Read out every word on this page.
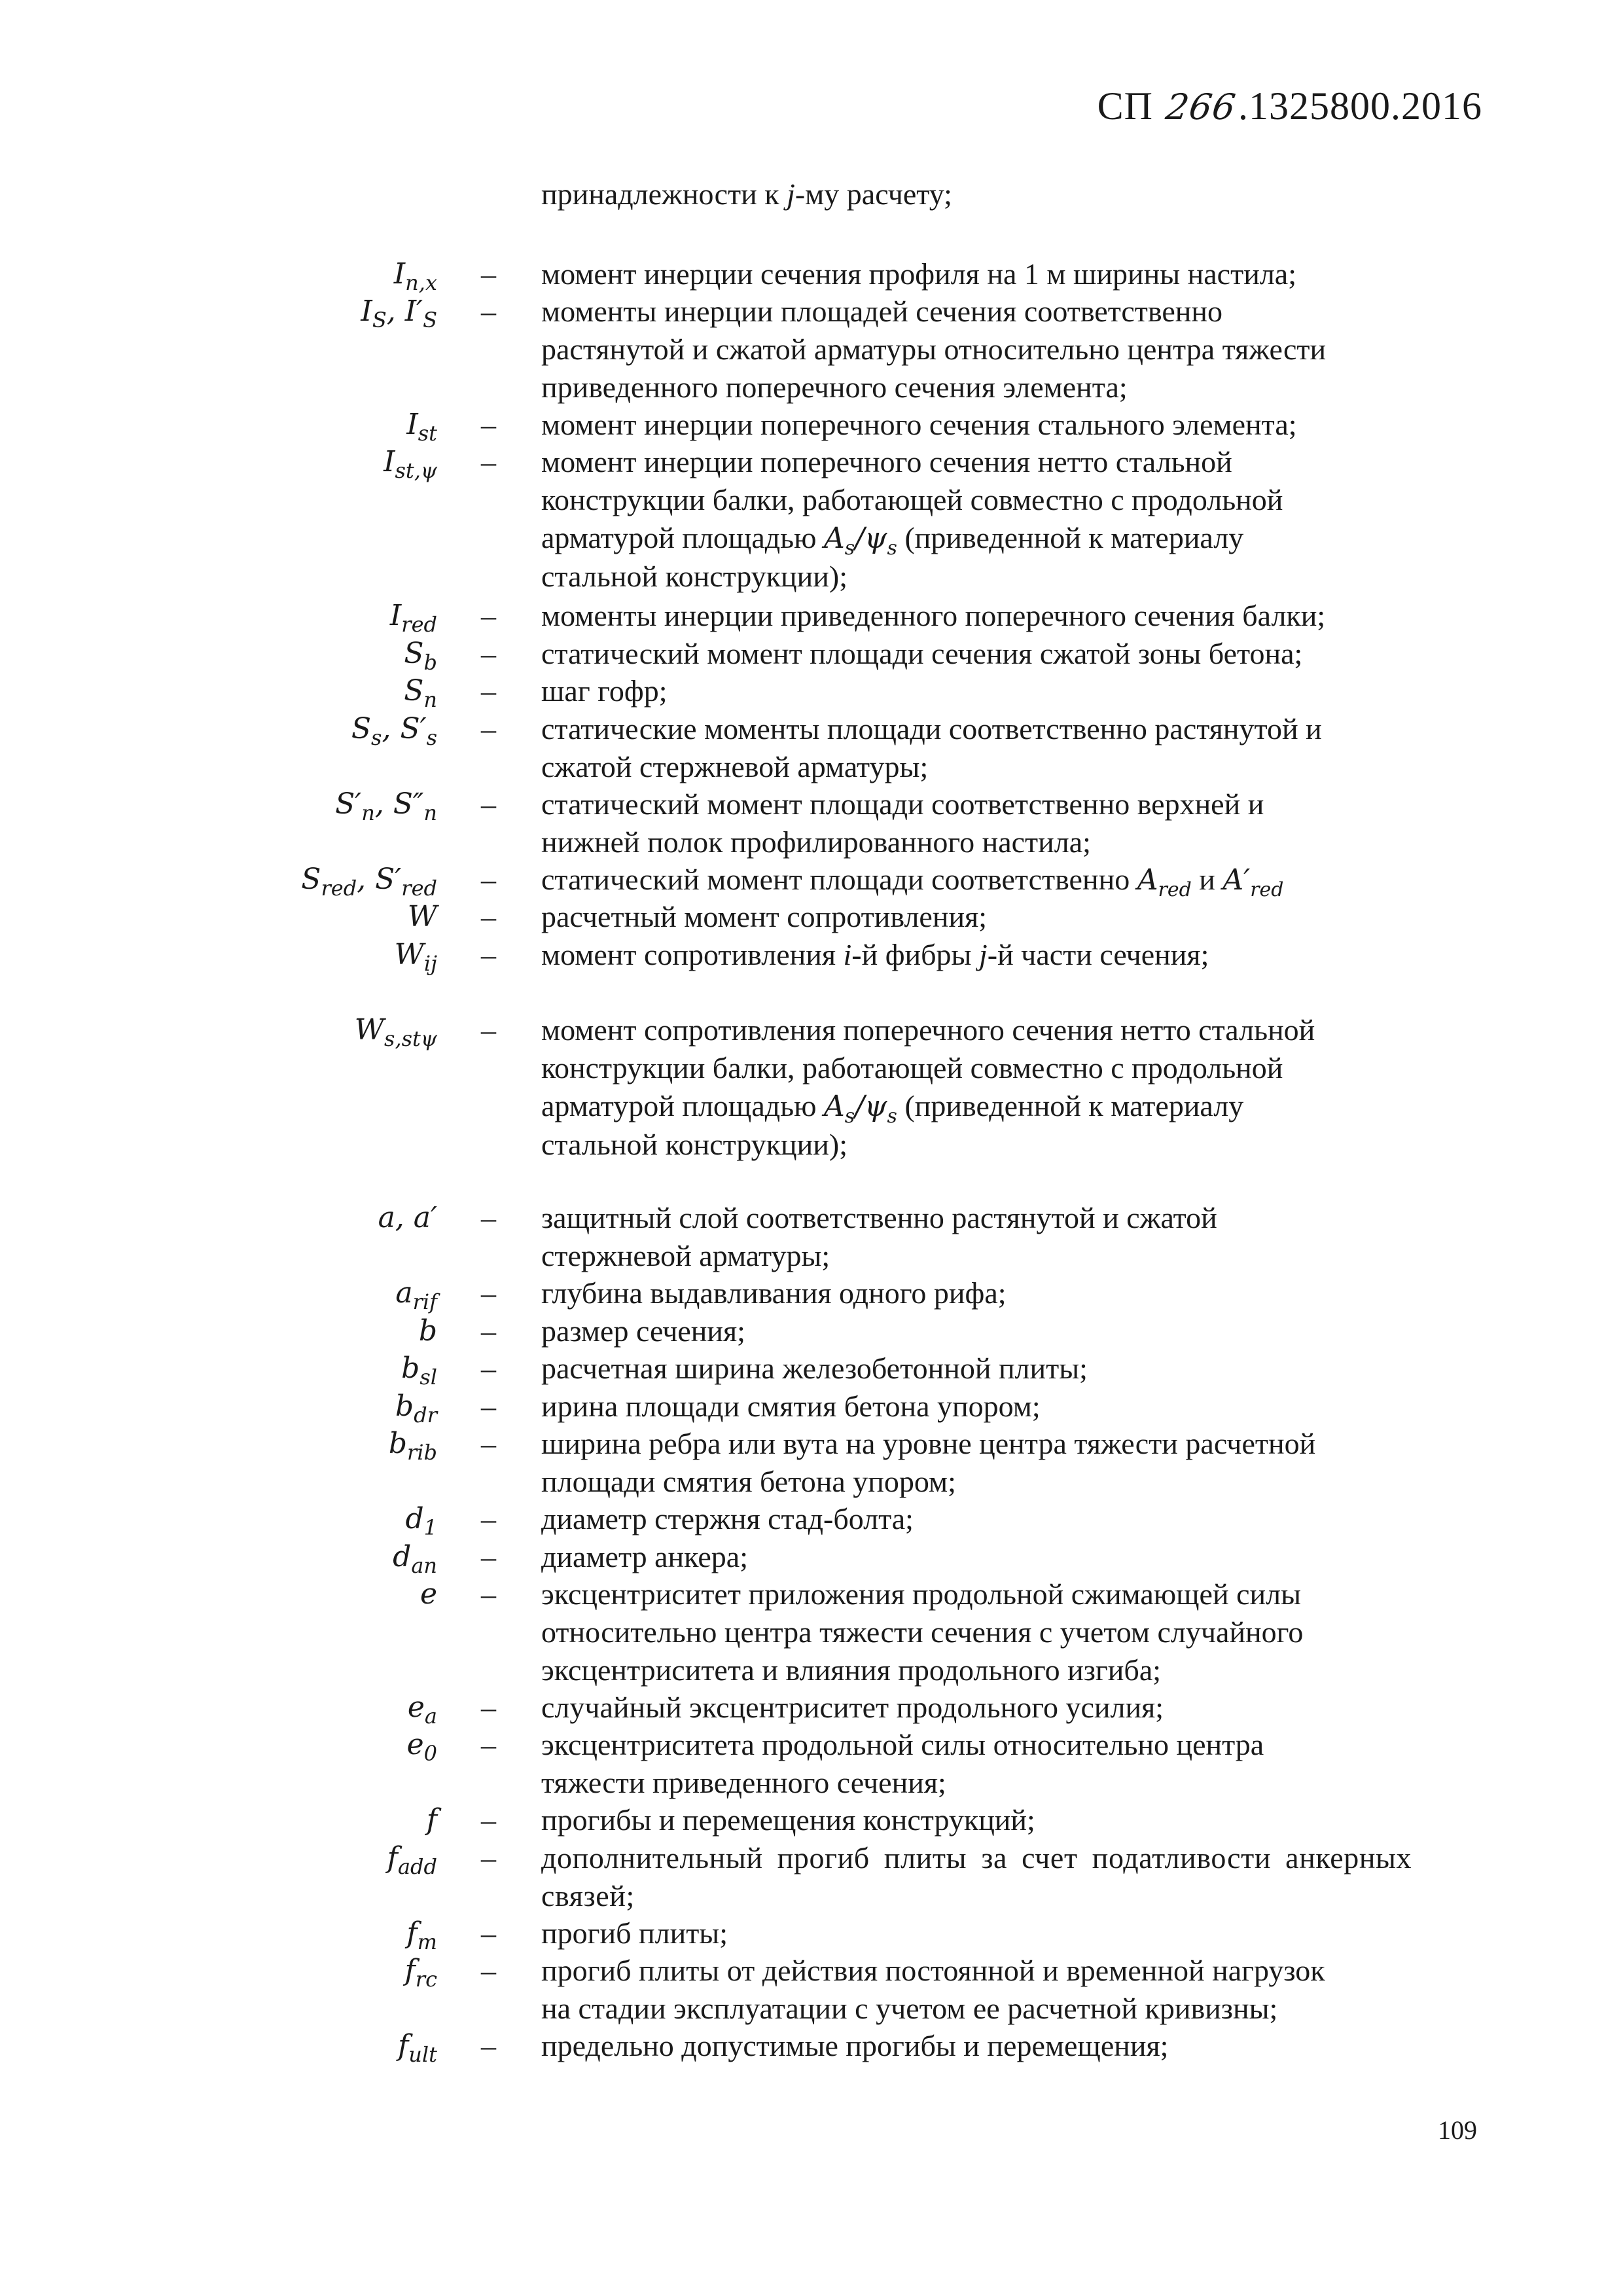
СП 266.1325800.2016
принадлежности к j-му расчету;
$I_{n,x}$ – момент инерции сечения профиля на 1 м ширины настила;
$I_S$, $I'_S$ – моменты инерции площадей сечения соответственно
растянутой и сжатой арматуры относительно центра тяжести
приведенного поперечного сечения элемента;
$I_{st}$ – момент инерции поперечного сечения стального элемента;
$I_{st,\psi}$ – момент инерции поперечного сечения нетто стальной
конструкции балки, работающей совместно с продольной
арматурой площадью $A_s/\psi_s$ (приведенной к материалу
стальной конструкции);
$I_{red}$ – моменты инерции приведенного поперечного сечения балки;
$S_b$ – статический момент площади сечения сжатой зоны бетона;
$S_n$ – шаг гофр;
$S_s$, $S'_s$ – статические моменты площади соответственно растянутой и
сжатой стержневой арматуры;
$S'_n$, $S''_n$ – статический момент площади соответственно верхней и
нижней полок профилированного настила;
$S_{red}$, $S'_{red}$ – статический момент площади соответственно $A_{red}$ и $A'_{red}$
W – расчетный момент сопротивления;
$W_{ij}$ – момент сопротивления i-й фибры j-й части сечения;
$W_{s,st\psi}$ – момент сопротивления поперечного сечения нетто стальной
конструкции балки, работающей совместно с продольной
арматурой площадью $A_s/\psi_s$ (приведенной к материалу
стальной конструкции);
a, a′ – защитный слой соответственно растянутой и сжатой
стержневой арматуры;
$a_{rif}$ – глубина выдавливания одного рифа;
b – размер сечения;
$b_{sl}$ – расчетная ширина железобетонной плиты;
$b_{dr}$ – ирина площади смятия бетона упором;
$b_{rib}$ – ширина ребра или вута на уровне центра тяжести расчетной
площади смятия бетона упором;
$d_1$ – диаметр стержня стад-болта;
$d_{an}$ – диаметр анкера;
e – эксцентриситет приложения продольной сжимающей силы
относительно центра тяжести сечения с учетом случайного
эксцентриситета и влияния продольного изгиба;
$e_a$ – случайный эксцентриситет продольного усилия;
$e_0$ – эксцентриситета продольной силы относительно центра
тяжести приведенного сечения;
f – прогибы и перемещения конструкций;
$f_{add}$ – дополнительный прогиб плиты за счет податливости анкерных
связей;
$f_m$ – прогиб плиты;
$f_{rc}$ – прогиб плиты от действия постоянной и временной нагрузок
на стадии эксплуатации с учетом ее расчетной кривизны;
$f_{ult}$ – предельно допустимые прогибы и перемещения;
109
